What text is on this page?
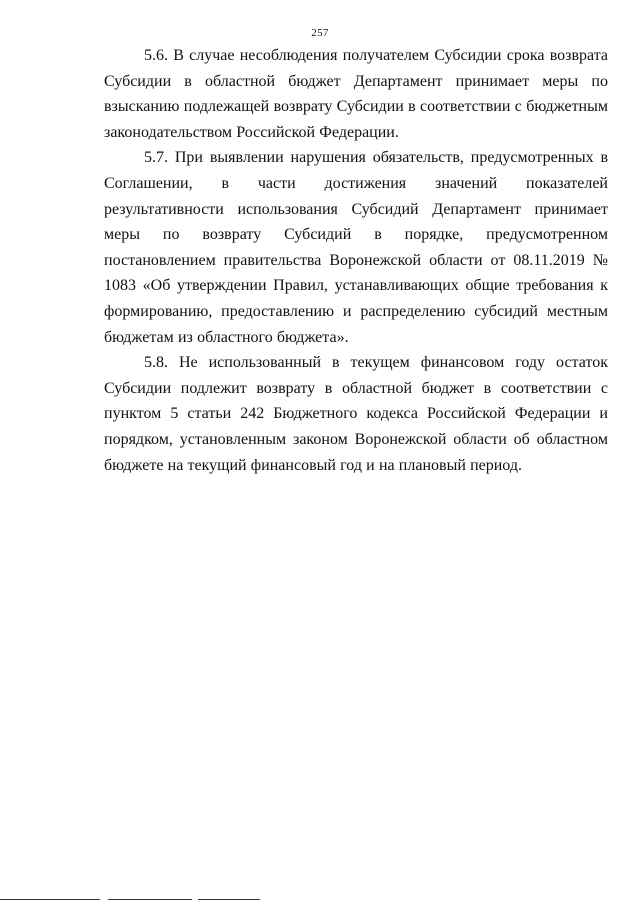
257

5.6. В случае несоблюдения получателем Субсидии срока возврата Субсидии в областной бюджет Департамент принимает меры по взысканию подлежащей возврату Субсидии в соответствии с бюджетным законодательством Российской Федерации.

5.7. При выявлении нарушения обязательств, предусмотренных в Соглашении, в части достижения значений показателей результативности использования Субсидий Департамент принимает меры по возврату Субсидий в порядке, предусмотренном постановлением правительства Воронежской области от 08.11.2019 № 1083 «Об утверждении Правил, устанавливающих общие требования к формированию, предоставлению и распределению субсидий местным бюджетам из областного бюджета».

5.8. Не использованный в текущем финансовом году остаток Субсидии подлежит возврату в областной бюджет в соответствии с пунктом 5 статьи 242 Бюджетного кодекса Российской Федерации и порядком, установленным законом Воронежской области об областном бюджете на текущий финансовый год и на плановый период.
